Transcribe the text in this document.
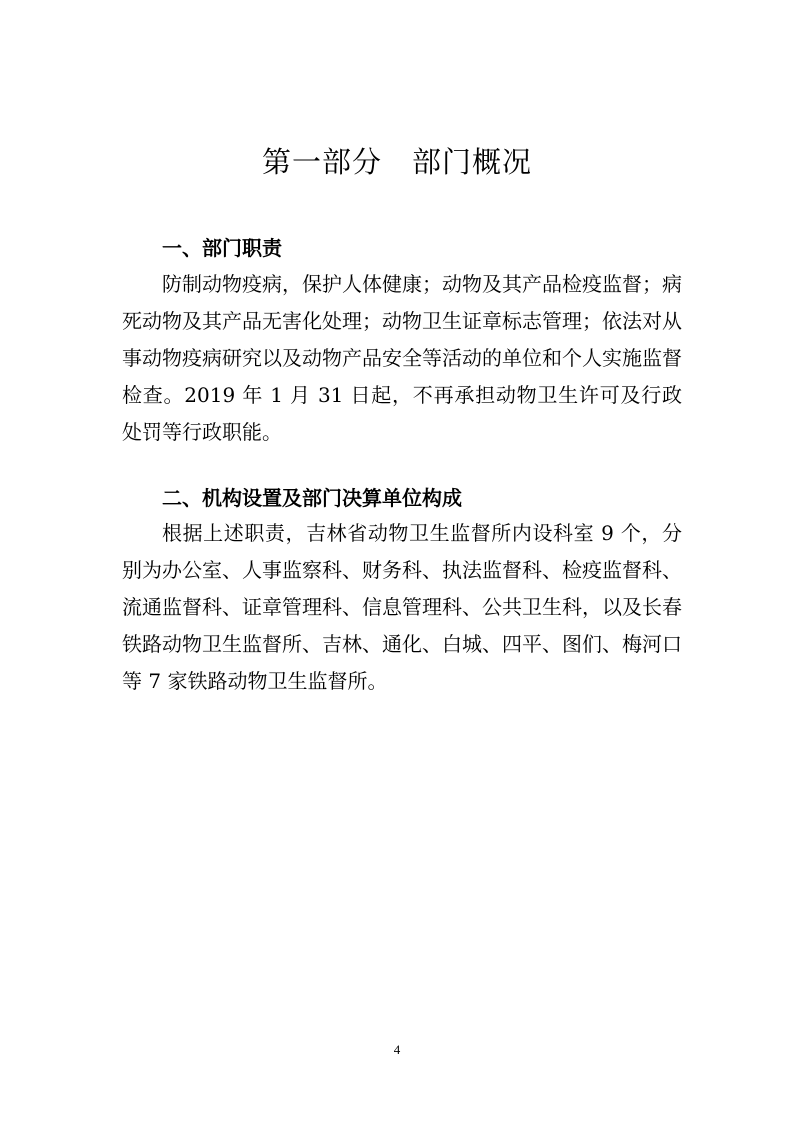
第一部分　部门概况
一、部门职责

防制动物疫病，保护人体健康；动物及其产品检疫监督；病死动物及其产品无害化处理；动物卫生证章标志管理；依法对从事动物疫病研究以及动物产品安全等活动的单位和个人实施监督检查。2019 年 1 月 31 日起，不再承担动物卫生许可及行政处罚等行政职能。

二、机构设置及部门决算单位构成

根据上述职责，吉林省动物卫生监督所内设科室 9 个，分别为办公室、人事监察科、财务科、执法监督科、检疫监督科、流通监督科、证章管理科、信息管理科、公共卫生科，以及长春铁路动物卫生监督所、吉林、通化、白城、四平、图们、梅河口等 7 家铁路动物卫生监督所。

4
